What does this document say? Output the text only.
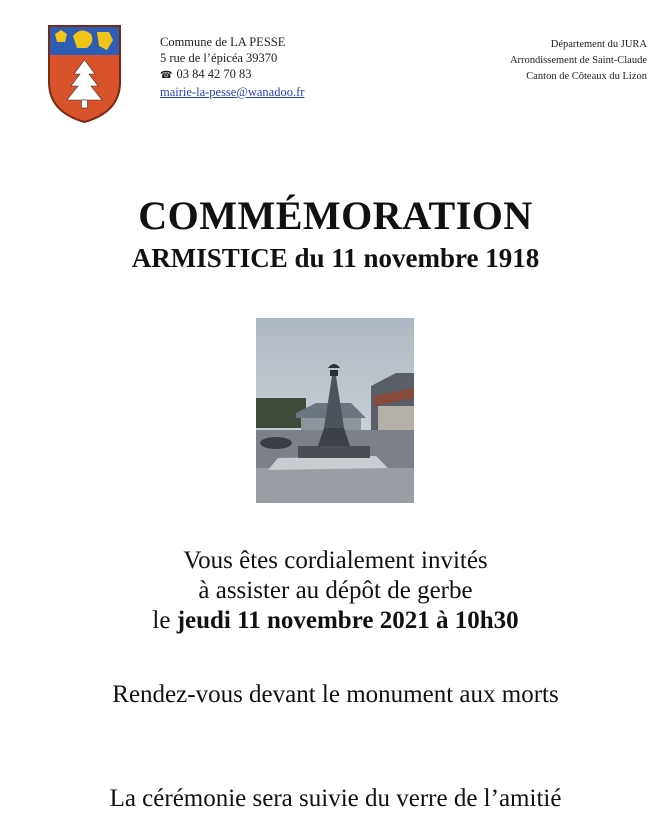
Commune de LA PESSE
5 rue de l’épicéa 39370
☎ 03 84 42 70 83
mairie-la-pesse@wanadoo.fr
Département du JURA
Arrondissement de Saint-Claude
Canton de Côteaux du Lizon
COMMÉMORATION
ARMISTICE du 11 novembre 1918
Vous êtes cordialement invités
à assister au dépôt de gerbe
le jeudi 11 novembre 2021 à 10h30
Rendez-vous devant le monument aux morts
La cérémonie sera suivie du verre de l’amitié
